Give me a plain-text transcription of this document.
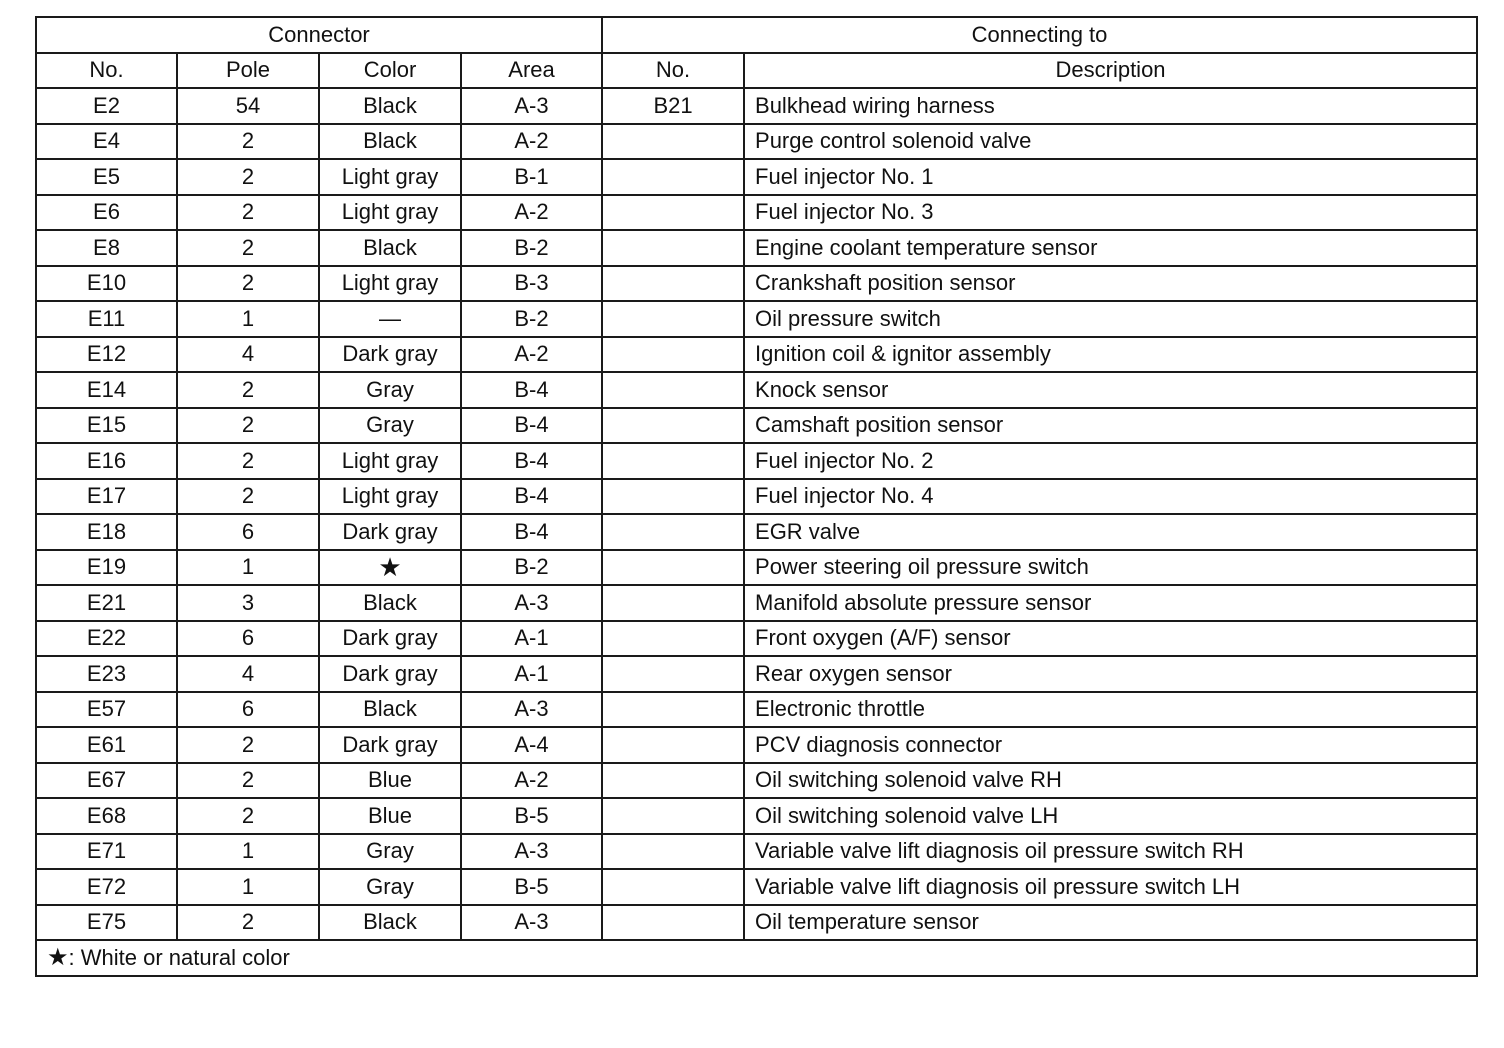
Connector				Connecting to	
No.	Pole	Color	Area	No.	Description
E2	54	Black	A-3	B21	Bulkhead wiring harness
E4	2	Black	A-2		Purge control solenoid valve
E5	2	Light gray	B-1		Fuel injector No. 1
E6	2	Light gray	A-2		Fuel injector No. 3
E8	2	Black	B-2		Engine coolant temperature sensor
E10	2	Light gray	B-3		Crankshaft position sensor
E11	1	—	B-2		Oil pressure switch
E12	4	Dark gray	A-2		Ignition coil & ignitor assembly
E14	2	Gray	B-4		Knock sensor
E15	2	Gray	B-4		Camshaft position sensor
E16	2	Light gray	B-4		Fuel injector No. 2
E17	2	Light gray	B-4		Fuel injector No. 4
E18	6	Dark gray	B-4		EGR valve
E19	1	★	B-2		Power steering oil pressure switch
E21	3	Black	A-3		Manifold absolute pressure sensor
E22	6	Dark gray	A-1		Front oxygen (A/F) sensor
E23	4	Dark gray	A-1		Rear oxygen sensor
E57	6	Black	A-3		Electronic throttle
E61	2	Dark gray	A-4		PCV diagnosis connector
E67	2	Blue	A-2		Oil switching solenoid valve RH
E68	2	Blue	B-5		Oil switching solenoid valve LH
E71	1	Gray	A-3		Variable valve lift diagnosis oil pressure switch RH
E72	1	Gray	B-5		Variable valve lift diagnosis oil pressure switch LH
E75	2	Black	A-3		Oil temperature sensor
★: White or natural color					
